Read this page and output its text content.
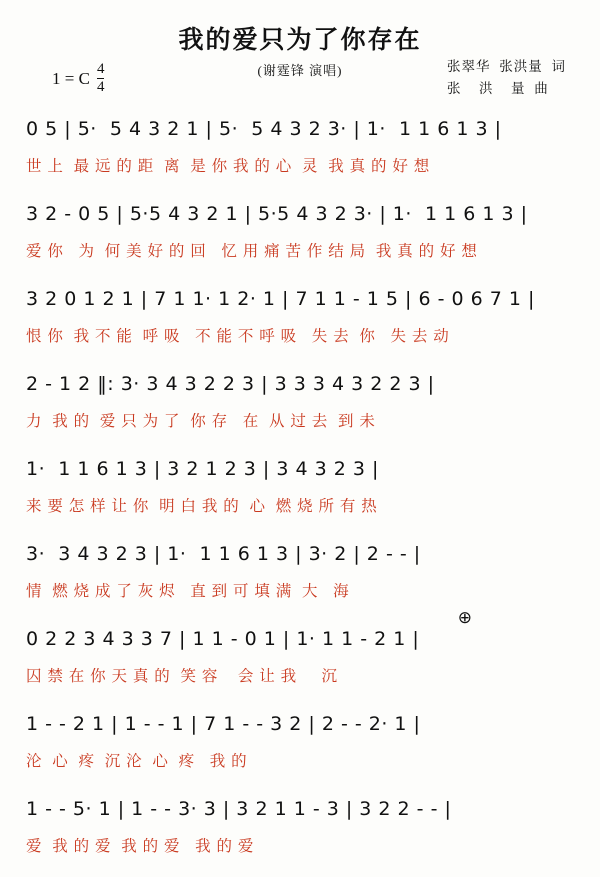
我的爱只为了你存在
(谢霆锋 演唱)	张翠华  张洪量  词
张    洪    量  曲
1 = C $\frac{4}{4}$
0 5 | 5·  5 4 3 2 1 | 5·  5 4 3 2 3· | 1·  1 1 6 1 3 |
世 上  最 远 的 距  离  是 你 我 的 心  灵  我 真 的 好 想
3 2 - 0 5 | 5·5 4 3 2 1 | 5·5 4 3 2 3· | 1·  1 1 6 1 3 |
爱 你   为  何 美 好 的 回   忆 用 痛 苦 作 结 局  我 真 的 好 想
3 2 0 1 2 1 | 7 1 1· 1 2· 1 | 7 1 1 - 1 5 | 6 - 0 6 7 1 |
恨 你  我 不 能  呼 吸   不 能 不 呼 吸   失 去  你   失 去 动
2 - 1 2 ‖: 3· 3 4 3 2 2 3 | 3 3 3 4 3 2 2 3 |
力  我 的  爱 只 为 了  你 存   在  从 过 去  到 未
1·  1 1 6 1 3 | 3 2 1 2 3 | 3 4 3 2 3 |
来 要 怎 样 让 你  明 白 我 的  心  燃 烧 所 有 热
3·  3 4 3 2 3 | 1·  1 1 6 1 3 | 3· 2 | 2 - - |
情  燃 烧 成 了 灰 烬   直 到 可 填 满  大   海
⊕
0 2 2 3 4 3 3 7 | 1 1 - 0 1 | 1· 1 1 - 2 1 |
囚 禁 在 你 天 真 的  笑 容    会 让 我     沉
1 - - 2 1 | 1 - - 1 | 7 1 - - 3 2 | 2 - - 2· 1 |
沦  心  疼  沉 沦  心  疼   我 的
1 - - 5· 1 | 1 - - 3· 3 | 3 2 1 1 - 3 | 3 2 2 - - |
爱  我 的 爱  我 的 爱   我 的 爱
